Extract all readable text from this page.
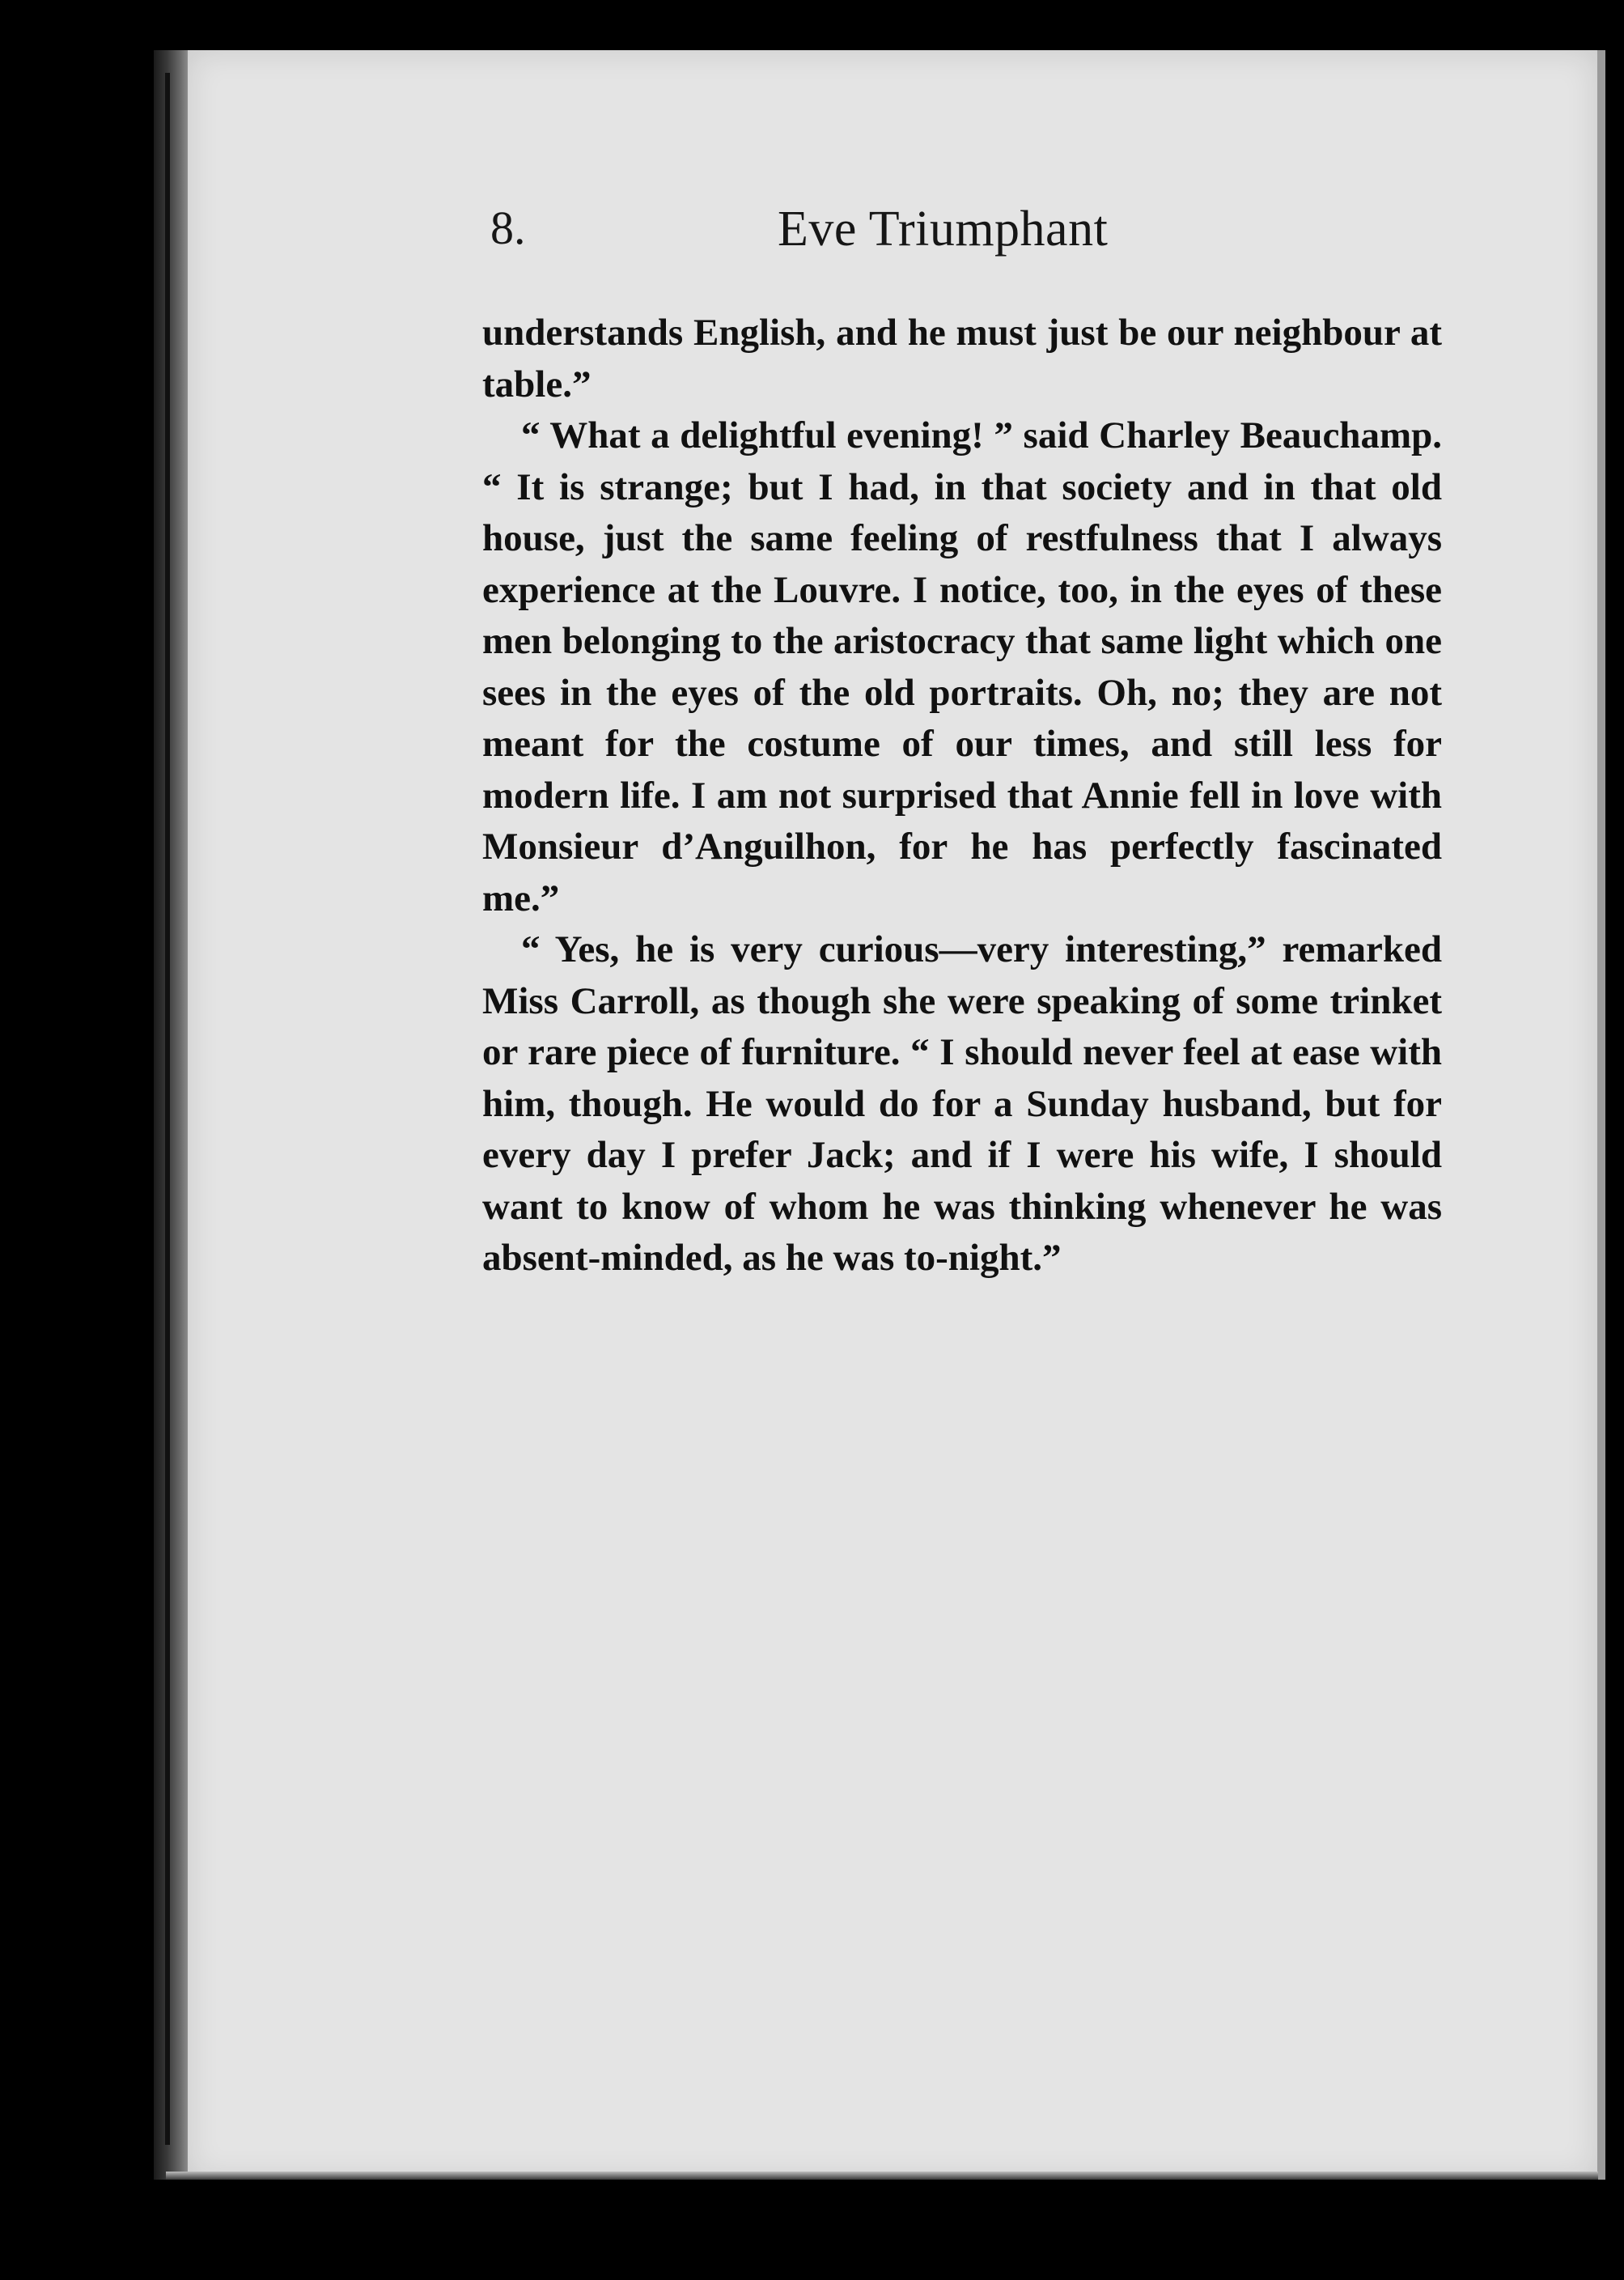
8.	Eve Triumphant

understands English, and he must just be our neighbour at table.”

“ What a delightful evening! ” said Charley Beauchamp. “ It is strange; but I had, in that society and in that old house, just the same feeling of restfulness that I always experience at the Louvre. I notice, too, in the eyes of these men belonging to the aristocracy that same light which one sees in the eyes of the old portraits. Oh, no; they are not meant for the costume of our times, and still less for modern life. I am not surprised that Annie fell in love with Monsieur d’Anguilhon, for he has perfectly fascinated me.”

“ Yes, he is very curious—very interesting,” remarked Miss Carroll, as though she were speaking of some trinket or rare piece of furniture. “ I should never feel at ease with him, though. He would do for a Sunday husband, but for every day I prefer Jack; and if I were his wife, I should want to know of whom he was thinking whenever he was absent-minded, as he was to-night.”
